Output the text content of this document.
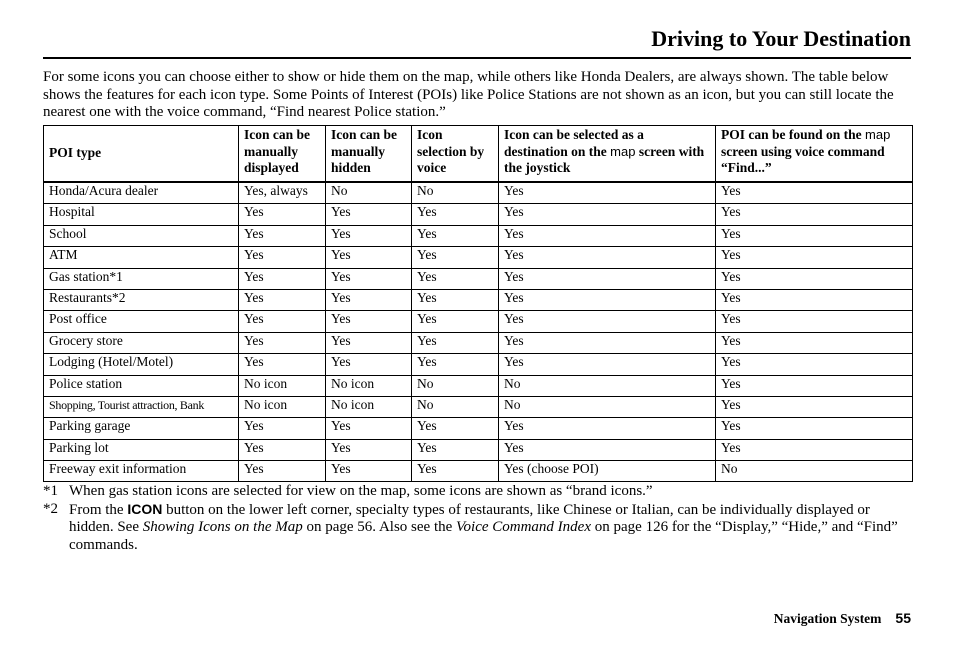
Driving to Your Destination

For some icons you can choose either to show or hide them on the map, while others like Honda Dealers, are always shown. The table below shows the features for each icon type. Some Points of Interest (POIs) like Police Stations are not shown as an icon, but you can still locate the nearest one with the voice command, “Find nearest Police station.”

POI type	Icon can be manually displayed	Icon can be manually hidden	Icon selection by voice	Icon can be selected as a destination on the map screen with the joystick	POI can be found on the map screen using voice command “Find...”
Honda/Acura dealer	Yes, always	No	No	Yes	Yes
Hospital	Yes	Yes	Yes	Yes	Yes
School	Yes	Yes	Yes	Yes	Yes
ATM	Yes	Yes	Yes	Yes	Yes
Gas station*1	Yes	Yes	Yes	Yes	Yes
Restaurants*2	Yes	Yes	Yes	Yes	Yes
Post office	Yes	Yes	Yes	Yes	Yes
Grocery store	Yes	Yes	Yes	Yes	Yes
Lodging (Hotel/Motel)	Yes	Yes	Yes	Yes	Yes
Police station	No icon	No icon	No	No	Yes
Shopping, Tourist attraction, Bank	No icon	No icon	No	No	Yes
Parking garage	Yes	Yes	Yes	Yes	Yes
Parking lot	Yes	Yes	Yes	Yes	Yes
Freeway exit information	Yes	Yes	Yes	Yes (choose POI)	No
*1 When gas station icons are selected for view on the map, some icons are shown as “brand icons.”
*2 From the ICON button on the lower left corner, specialty types of restaurants, like Chinese or Italian, can be individually displayed or hidden. See Showing Icons on the Map on page 56. Also see the Voice Command Index on page 126 for the “Display,” “Hide,” and “Find” commands.
Navigation System 55
